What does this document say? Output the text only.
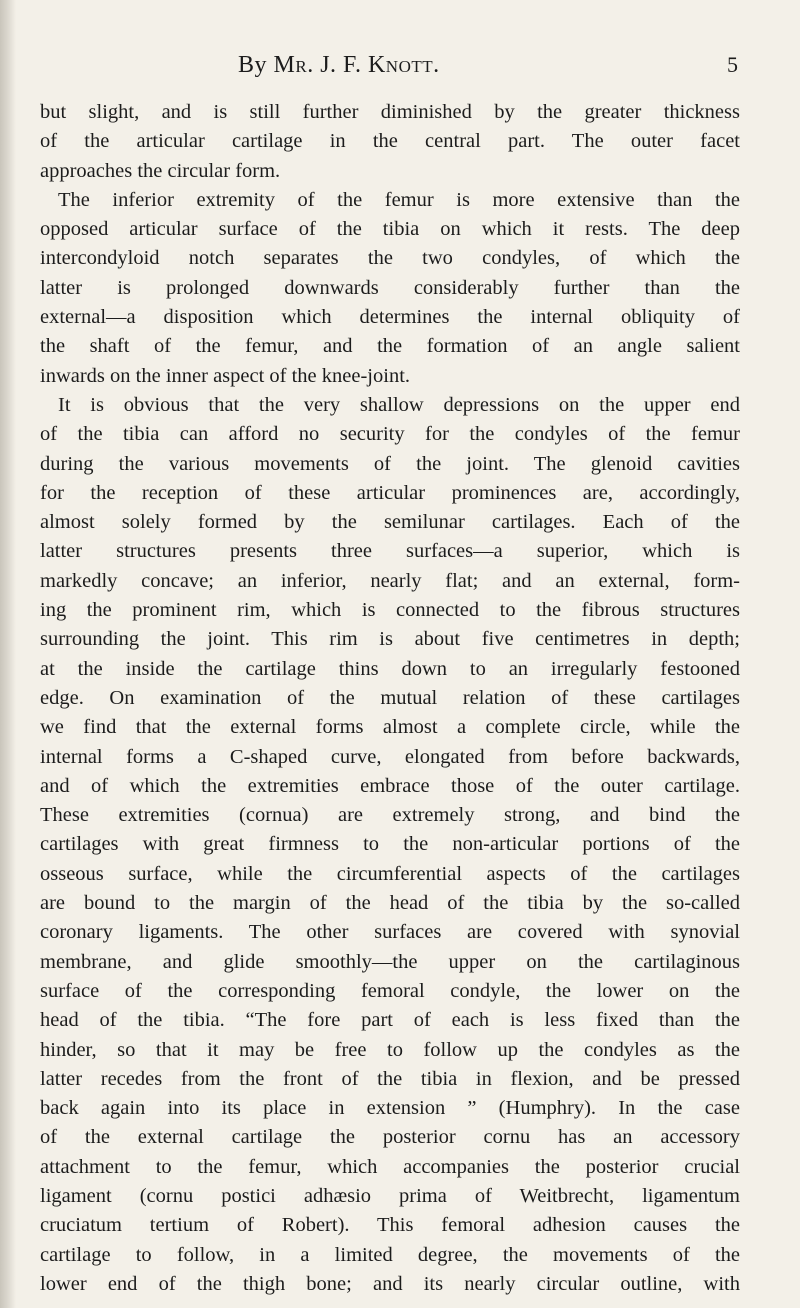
By Mr. J. F. Knott.	5
but slight, and is still further diminished by the greater thickness
of the articular cartilage in the central part. The outer facet
approaches the circular form.
The inferior extremity of the femur is more extensive than the
opposed articular surface of the tibia on which it rests. The deep
intercondyloid notch separates the two condyles, of which the
latter is prolonged downwards considerably further than the
external—a disposition which determines the internal obliquity of
the shaft of the femur, and the formation of an angle salient
inwards on the inner aspect of the knee-joint.
It is obvious that the very shallow depressions on the upper end
of the tibia can afford no security for the condyles of the femur
during the various movements of the joint. The glenoid cavities
for the reception of these articular prominences are, accordingly,
almost solely formed by the semilunar cartilages. Each of the
latter structures presents three surfaces—a superior, which is
markedly concave; an inferior, nearly flat; and an external, form-
ing the prominent rim, which is connected to the fibrous structures
surrounding the joint. This rim is about five centimetres in depth;
at the inside the cartilage thins down to an irregularly festooned
edge. On examination of the mutual relation of these cartilages
we find that the external forms almost a complete circle, while the
internal forms a C-shaped curve, elongated from before backwards,
and of which the extremities embrace those of the outer cartilage.
These extremities (cornua) are extremely strong, and bind the
cartilages with great firmness to the non-articular portions of the
osseous surface, while the circumferential aspects of the cartilages
are bound to the margin of the head of the tibia by the so-called
coronary ligaments. The other surfaces are covered with synovial
membrane, and glide smoothly—the upper on the cartilaginous
surface of the corresponding femoral condyle, the lower on the
head of the tibia. “The fore part of each is less fixed than the
hinder, so that it may be free to follow up the condyles as the
latter recedes from the front of the tibia in flexion, and be pressed
back again into its place in extension ” (Humphry). In the case
of the external cartilage the posterior cornu has an accessory
attachment to the femur, which accompanies the posterior crucial
ligament (cornu postici adhæsio prima of Weitbrecht, ligamentum
cruciatum tertium of Robert). This femoral adhesion causes the
cartilage to follow, in a limited degree, the movements of the
lower end of the thigh bone; and its nearly circular outline, with
